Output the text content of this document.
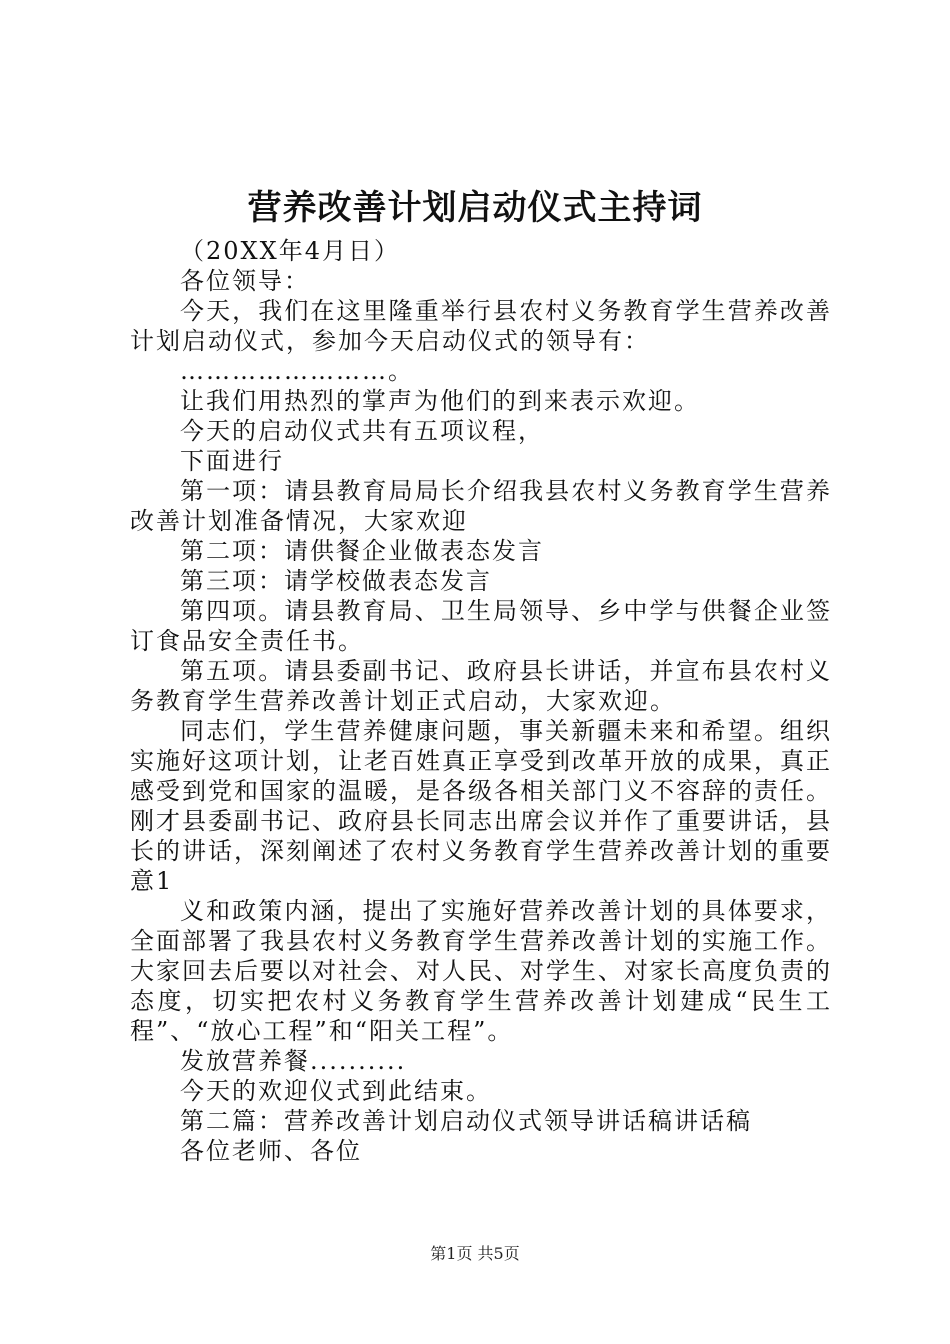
营养改善计划启动仪式主持词

（20XX年4月日）

各位领导：

今天，我们在这里隆重举行县农村义务教育学生营养改善计划启动仪式，参加今天启动仪式的领导有：

……………………。

让我们用热烈的掌声为他们的到来表示欢迎。

今天的启动仪式共有五项议程，

下面进行

第一项：请县教育局局长介绍我县农村义务教育学生营养改善计划准备情况，大家欢迎

第二项：请供餐企业做表态发言

第三项：请学校做表态发言

第四项。请县教育局、卫生局领导、乡中学与供餐企业签订食品安全责任书。

第五项。请县委副书记、政府县长讲话，并宣布县农村义务教育学生营养改善计划正式启动，大家欢迎。

同志们，学生营养健康问题，事关新疆未来和希望。组织实施好这项计划，让老百姓真正享受到改革开放的成果，真正感受到党和国家的温暖，是各级各相关部门义不容辞的责任。刚才县委副书记、政府县长同志出席会议并作了重要讲话，县长的讲话，深刻阐述了农村义务教育学生营养改善计划的重要意1

义和政策内涵，提出了实施好营养改善计划的具体要求，全面部署了我县农村义务教育学生营养改善计划的实施工作。大家回去后要以对社会、对人民、对学生、对家长高度负责的态度，切实把农村义务教育学生营养改善计划建成“民生工程”、“放心工程”和“阳关工程”。

发放营养餐..........

今天的欢迎仪式到此结束。

第二篇：营养改善计划启动仪式领导讲话稿讲话稿

各位老师、各位

第1页 共5页
